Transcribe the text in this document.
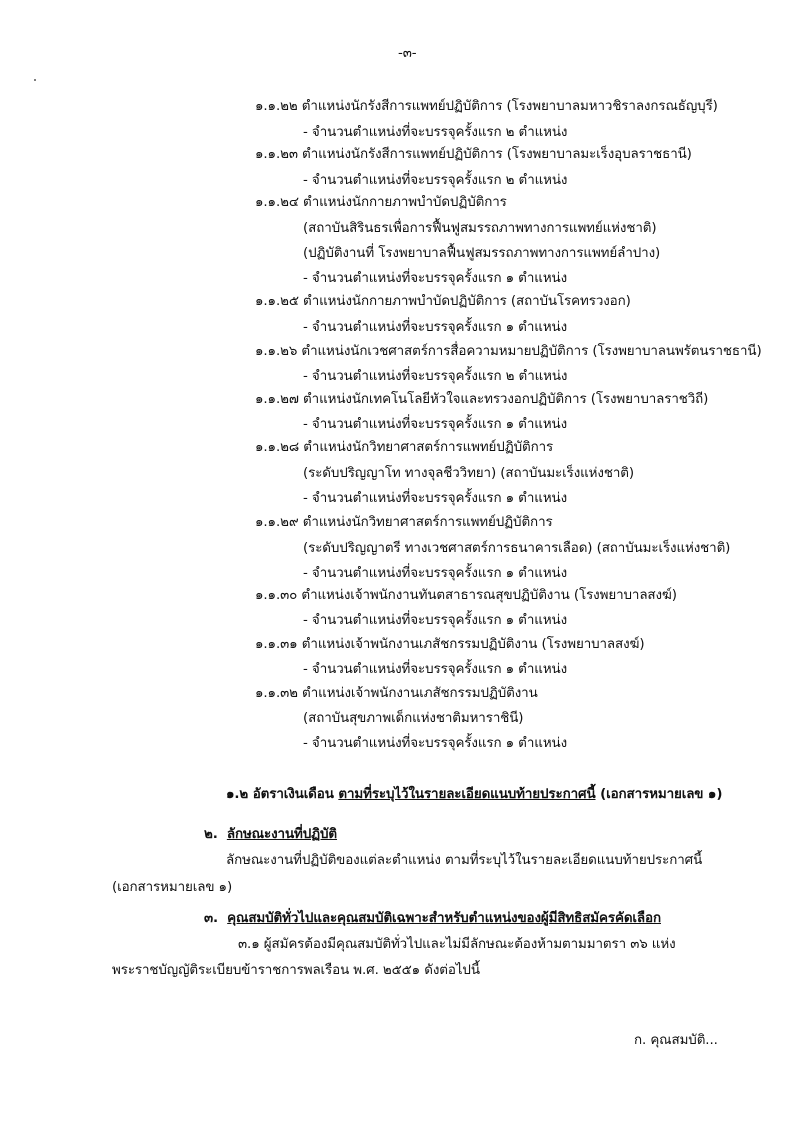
-๓-
๑.๑.๒๒ ตำแหน่งนักรังสีการแพทย์ปฏิบัติการ (โรงพยาบาลมหาวชิราลงกรณธัญบุรี)
- จำนวนตำแหน่งที่จะบรรจุครั้งแรก ๒ ตำแหน่ง
๑.๑.๒๓ ตำแหน่งนักรังสีการแพทย์ปฏิบัติการ (โรงพยาบาลมะเร็งอุบลราชธานี)
- จำนวนตำแหน่งที่จะบรรจุครั้งแรก ๒ ตำแหน่ง
๑.๑.๒๔ ตำแหน่งนักกายภาพบำบัดปฏิบัติการ
(สถาบันสิรินธรเพื่อการฟื้นฟูสมรรถภาพทางการแพทย์แห่งชาติ)
(ปฏิบัติงานที่ โรงพยาบาลฟื้นฟูสมรรถภาพทางการแพทย์ลำปาง)
- จำนวนตำแหน่งที่จะบรรจุครั้งแรก ๑ ตำแหน่ง
๑.๑.๒๕ ตำแหน่งนักกายภาพบำบัดปฏิบัติการ (สถาบันโรคทรวงอก)
- จำนวนตำแหน่งที่จะบรรจุครั้งแรก ๑ ตำแหน่ง
๑.๑.๒๖ ตำแหน่งนักเวชศาสตร์การสื่อความหมายปฏิบัติการ (โรงพยาบาลนพรัตนราชธานี)
- จำนวนตำแหน่งที่จะบรรจุครั้งแรก ๒ ตำแหน่ง
๑.๑.๒๗ ตำแหน่งนักเทคโนโลยีหัวใจและทรวงอกปฏิบัติการ (โรงพยาบาลราชวิถี)
- จำนวนตำแหน่งที่จะบรรจุครั้งแรก ๑ ตำแหน่ง
๑.๑.๒๘ ตำแหน่งนักวิทยาศาสตร์การแพทย์ปฏิบัติการ
(ระดับปริญญาโท ทางจุลชีววิทยา) (สถาบันมะเร็งแห่งชาติ)
- จำนวนตำแหน่งที่จะบรรจุครั้งแรก ๑ ตำแหน่ง
๑.๑.๒๙ ตำแหน่งนักวิทยาศาสตร์การแพทย์ปฏิบัติการ
(ระดับปริญญาตรี ทางเวชศาสตร์การธนาคารเลือด) (สถาบันมะเร็งแห่งชาติ)
- จำนวนตำแหน่งที่จะบรรจุครั้งแรก ๑ ตำแหน่ง
๑.๑.๓๐ ตำแหน่งเจ้าพนักงานทันตสาธารณสุขปฏิบัติงาน (โรงพยาบาลสงฆ์)
- จำนวนตำแหน่งที่จะบรรจุครั้งแรก ๑ ตำแหน่ง
๑.๑.๓๑ ตำแหน่งเจ้าพนักงานเภสัชกรรมปฏิบัติงาน (โรงพยาบาลสงฆ์)
- จำนวนตำแหน่งที่จะบรรจุครั้งแรก ๑ ตำแหน่ง
๑.๑.๓๒ ตำแหน่งเจ้าพนักงานเภสัชกรรมปฏิบัติงาน
(สถาบันสุขภาพเด็กแห่งชาติมหาราชินี)
- จำนวนตำแหน่งที่จะบรรจุครั้งแรก ๑ ตำแหน่ง
๑.๒ อัตราเงินเดือน ตามที่ระบุไว้ในรายละเอียดแนบท้ายประกาศนี้ (เอกสารหมายเลข ๑)
๒. ลักษณะงานที่ปฏิบัติ
ลักษณะงานที่ปฏิบัติของแต่ละตำแหน่ง ตามที่ระบุไว้ในรายละเอียดแนบท้ายประกาศนี้
(เอกสารหมายเลข ๑)
๓. คุณสมบัติทั่วไปและคุณสมบัติเฉพาะสำหรับตำแหน่งของผู้มีสิทธิสมัครคัดเลือก
๓.๑ ผู้สมัครต้องมีคุณสมบัติทั่วไปและไม่มีลักษณะต้องห้ามตามมาตรา ๓๖ แห่ง
พระราชบัญญัติระเบียบข้าราชการพลเรือน พ.ศ. ๒๕๕๑ ดังต่อไปนี้
ก. คุณสมบัติ...
